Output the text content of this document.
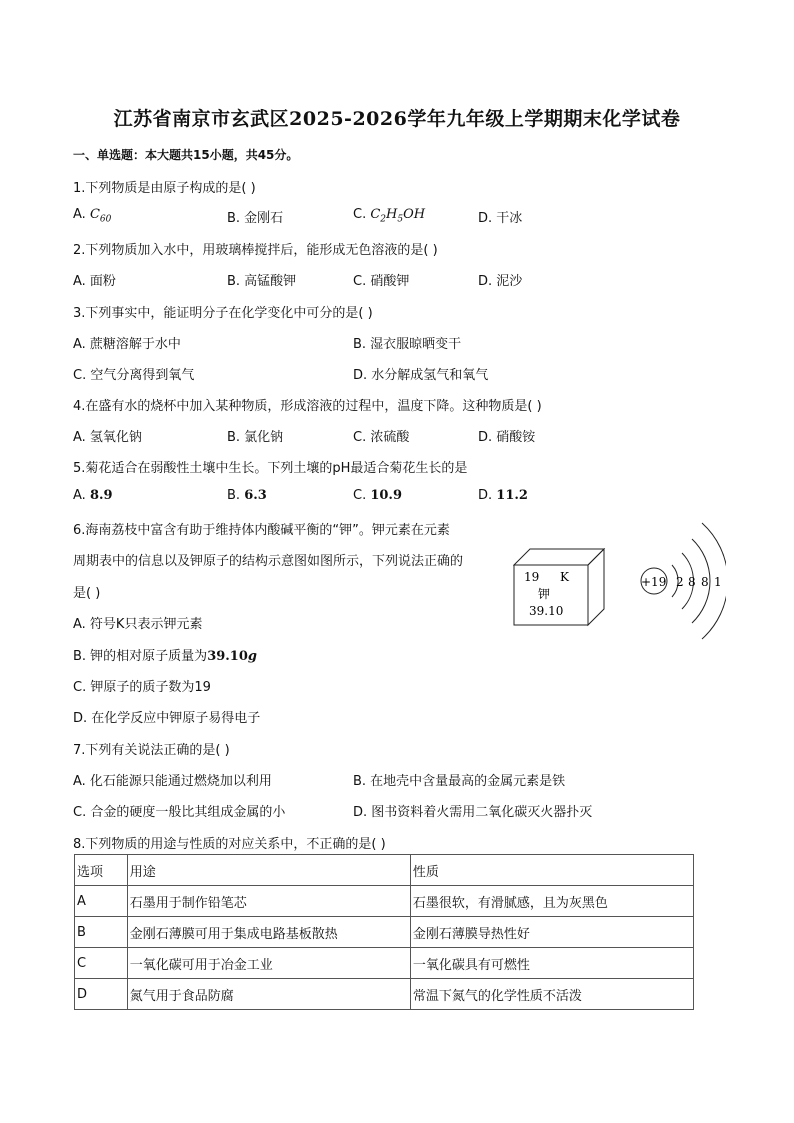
江苏省南京市玄武区2025-2026学年九年级上学期期末化学试卷
一、单选题：本大题共15小题，共45分。
1.下列物质是由原子构成的是( )
A. $C_{60}$	B. 金刚石	C. $C_2H_5OH$	D. 干冰
2.下列物质加入水中，用玻璃棒搅拌后，能形成无色溶液的是( )
A. 面粉	B. 高锰酸钾	C. 硝酸钾	D. 泥沙
3.下列事实中，能证明分子在化学变化中可分的是( )
A. 蔗糖溶解于水中	B. 湿衣服晾晒变干
C. 空气分离得到氧气	D. 水分解成氢气和氧气
4.在盛有水的烧杯中加入某种物质，形成溶液的过程中，温度下降。这种物质是( )
A. 氢氧化钠	B. 氯化钠	C. 浓硫酸	D. 硝酸铵
5.菊花适合在弱酸性土壤中生长。下列土壤的pH最适合菊花生长的是
A. 8.9	B. 6.3	C. 10.9	D. 11.2
6.海南荔枝中富含有助于维持体内酸碱平衡的“钾”。钾元素在元素
周期表中的信息以及钾原子的结构示意图如图所示，下列说法正确的
是( )
A. 符号K只表示钾元素
B. 钾的相对原子质量为39.10g
C. 钾原子的质子数为19
D. 在化学反应中钾原子易得电子
19 K
钾
39.10
+19 2 8 8 1
7.下列有关说法正确的是( )
A. 化石能源只能通过燃烧加以利用	B. 在地壳中含量最高的金属元素是铁
C. 合金的硬度一般比其组成金属的小	D. 图书资料着火需用二氧化碳灭火器扑灭
8.下列物质的用途与性质的对应关系中，不正确的是( )
选项	用途	性质
A	石墨用于制作铅笔芯	石墨很软，有滑腻感，且为灰黑色
B	金刚石薄膜可用于集成电路基板散热	金刚石薄膜导热性好
C	一氧化碳可用于冶金工业	一氧化碳具有可燃性
D	氮气用于食品防腐	常温下氮气的化学性质不活泼
